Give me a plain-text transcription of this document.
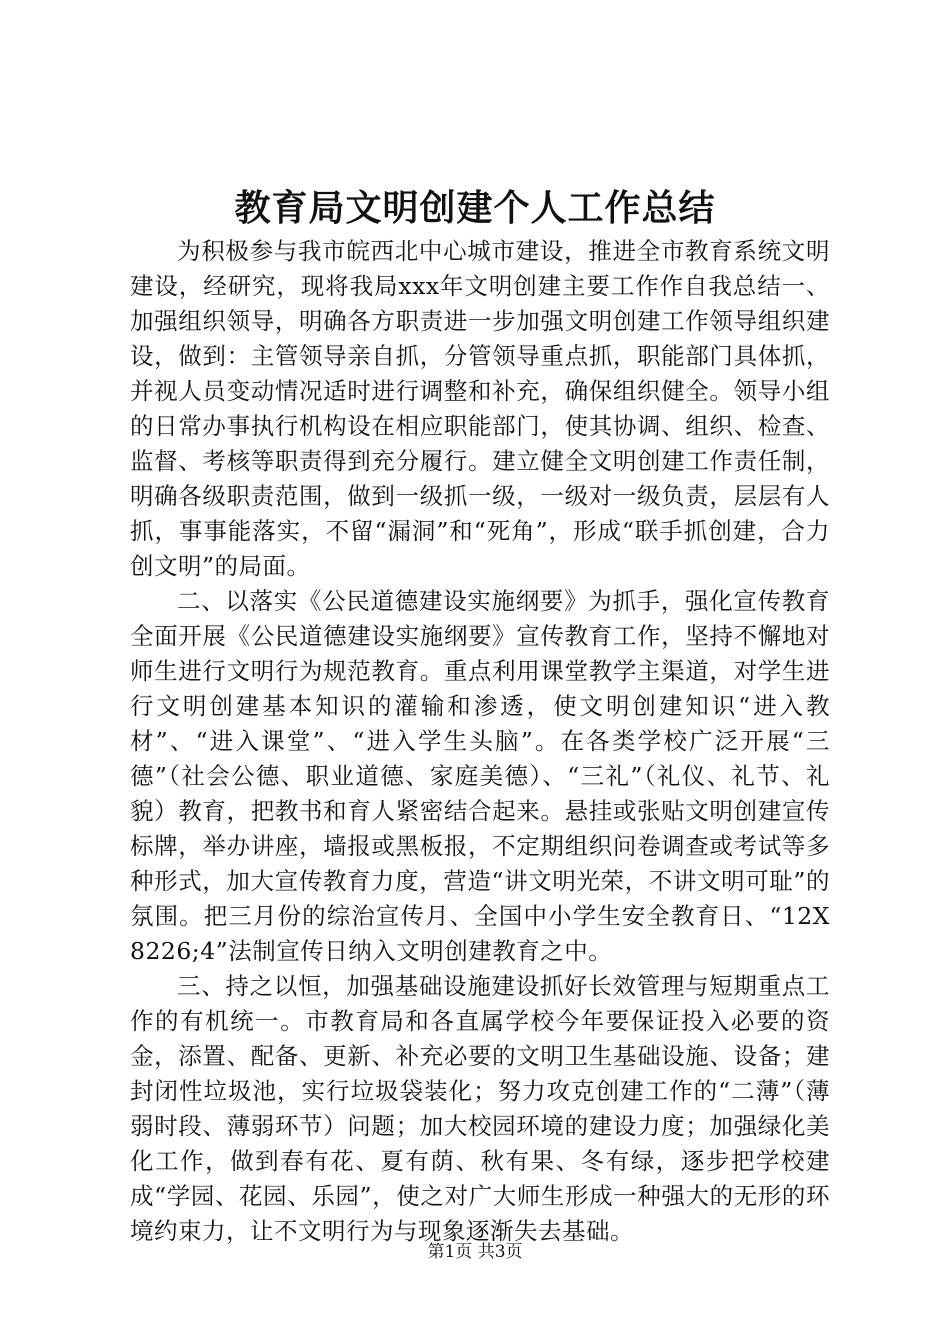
教育局文明创建个人工作总结

为积极参与我市皖西北中心城市建设，推进全市教育系统文明建设，经研究，现将我局xxx年文明创建主要工作作自我总结一、加强组织领导，明确各方职责进一步加强文明创建工作领导组织建设，做到：主管领导亲自抓，分管领导重点抓，职能部门具体抓，并视人员变动情况适时进行调整和补充，确保组织健全。领导小组的日常办事执行机构设在相应职能部门，使其协调、组织、检查、监督、考核等职责得到充分履行。建立健全文明创建工作责任制，明确各级职责范围，做到一级抓一级，一级对一级负责，层层有人抓，事事能落实，不留“漏洞”和“死角”，形成“联手抓创建，合力创文明”的局面。

二、以落实《公民道德建设实施纲要》为抓手，强化宣传教育全面开展《公民道德建设实施纲要》宣传教育工作，坚持不懈地对师生进行文明行为规范教育。重点利用课堂教学主渠道，对学生进行文明创建基本知识的灌输和渗透，使文明创建知识“进入教材”、“进入课堂”、“进入学生头脑”。在各类学校广泛开展“三德”（社会公德、职业道德、家庭美德）、“三礼”（礼仪、礼节、礼貌）教育，把教书和育人紧密结合起来。悬挂或张贴文明创建宣传标牌，举办讲座，墙报或黑板报，不定期组织问卷调查或考试等多种形式，加大宣传教育力度，营造“讲文明光荣，不讲文明可耻”的氛围。把三月份的综治宣传月、全国中小学生安全教育日、“12X8226;4”法制宣传日纳入文明创建教育之中。

三、持之以恒，加强基础设施建设抓好长效管理与短期重点工作的有机统一。市教育局和各直属学校今年要保证投入必要的资金，添置、配备、更新、补充必要的文明卫生基础设施、设备；建封闭性垃圾池，实行垃圾袋装化；努力攻克创建工作的“二薄”（薄弱时段、薄弱环节）问题；加大校园环境的建设力度；加强绿化美化工作，做到春有花、夏有荫、秋有果、冬有绿，逐步把学校建成“学园、花园、乐园”，使之对广大师生形成一种强大的无形的环境约束力，让不文明行为与现象逐渐失去基础。

第1页 共3页
